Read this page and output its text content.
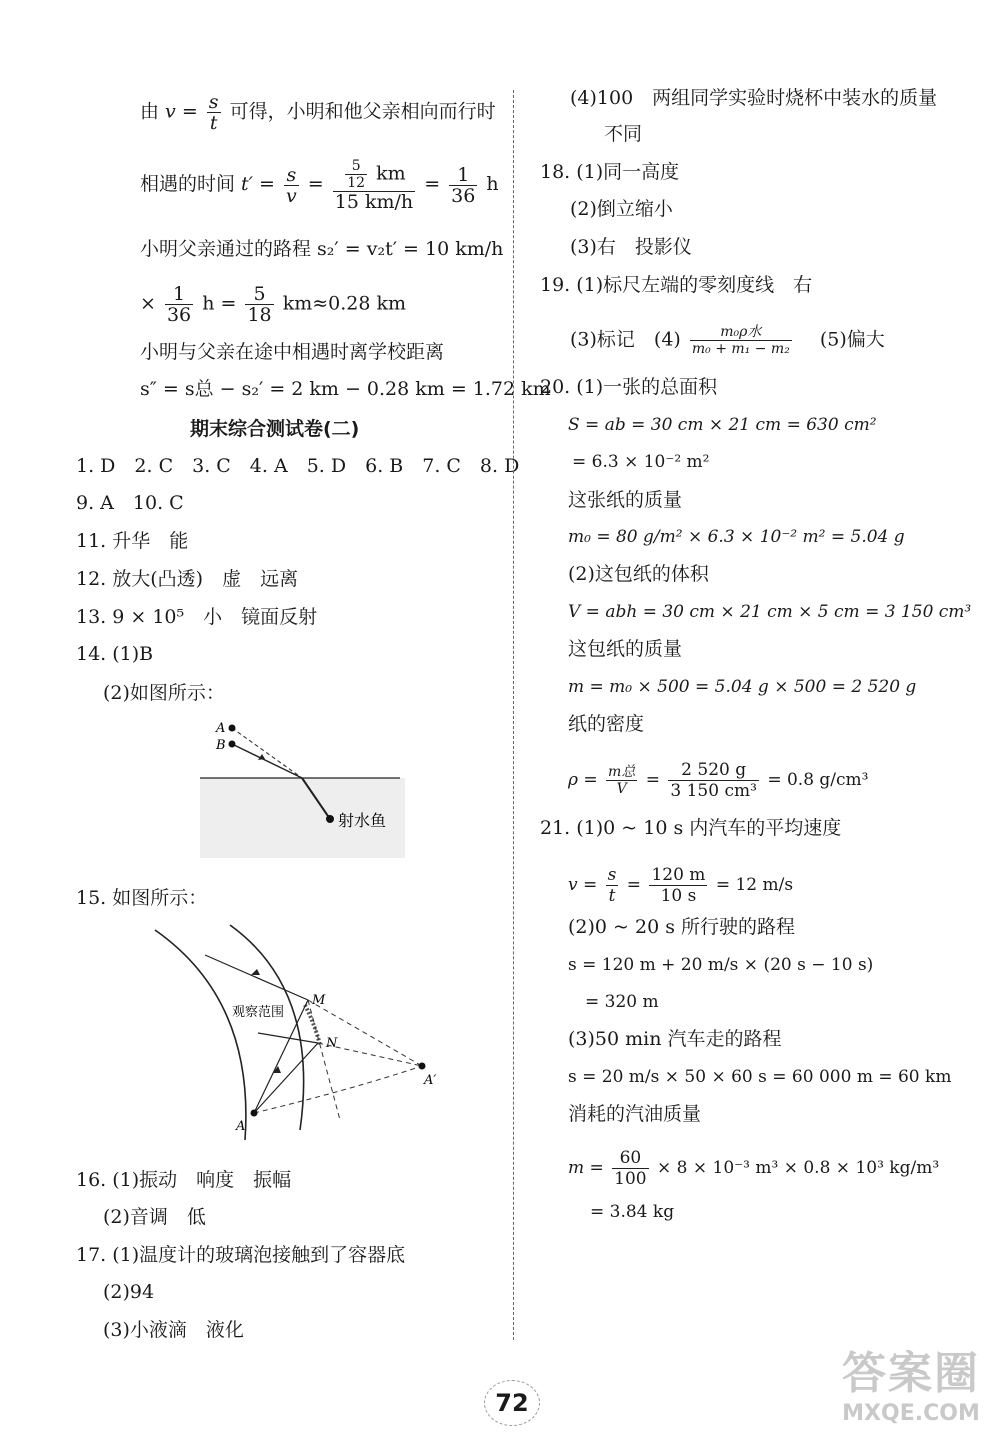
由 $v = \frac{s}{t}$ 可得，小明和他父亲相向而行时
相遇的时间 $t' = \frac{s}{v} = \frac{\frac{5}{12} km}{15 km/h} = \frac{1}{36}$ h
小明父亲通过的路程 s₂′ = v₂t′ = 10 km/h
× $\frac{1}{36}$ $h = \frac{5}{18} km\approx 0.28$ km
小明与父亲在途中相遇时离学校距离
s″ = s总 − s₂′ = 2 km − 0.28 km = 1.72 km
期末综合测试卷(二)
1. D　2. C　3. C　4. A　5. D　6. B　7. C　8. D
9. A　10. C
11. 升华　能
12. 放大(凸透)　虚　远离
13. 9 × 10⁵　小　镜面反射
14. (1)B
(2)如图所示：
A
B
射水鱼
15. 如图所示：
M
N
A
A′
观察范围
16. (1)振动　响度　振幅
(2)音调　低
17. (1)温度计的玻璃泡接触到了容器底
(2)94
(3)小液滴　液化
(4)100　两组同学实验时烧杯中装水的质量
不同
18. (1)同一高度
(2)倒立缩小
(3)右　投影仪
19. (1)标尺左端的零刻度线　右
(3)标记　$(4) \frac{\text{m₀ρ水}}{\text{m₀ + m₁ − m₂}}$ 　(5)偏大
20. (1)一张的总面积
S = ab = 30 cm × 21 cm = 630 cm²
= 6.3 × 10⁻² m²
这张纸的质量
m₀ = 80 g/m² × 6.3 × 10⁻² m² = 5.04 g
(2)这包纸的体积
V = abh = 30 cm × 21 cm × 5 cm = 3 150 cm³
这包纸的质量
m = m₀ × 500 = 5.04 g × 500 = 2 520 g
纸的密度
$\rho = \frac{\text{m总}}{V} = \frac{2 520 g}{\text{3 150 cm³}} = 0.8$ g/cm³
21. (1)0 ~ 10 s 内汽车的平均速度
$v = \frac{s}{t} = \frac{120 m}{10 s} = 12$ m/s
(2)0 ~ 20 s 所行驶的路程
s = 120 m + 20 m/s × (20 s − 10 s)
= 320 m
(3)50 min 汽车走的路程
s = 20 m/s × 50 × 60 s = 60 000 m = 60 km
消耗的汽油质量
$m = \frac{60}{100} \times 8 \times 10^{-3}$ m³ × 0.8 × 10³ kg/m³
= 3.84 kg
72
答案圈
MXQE.COM
